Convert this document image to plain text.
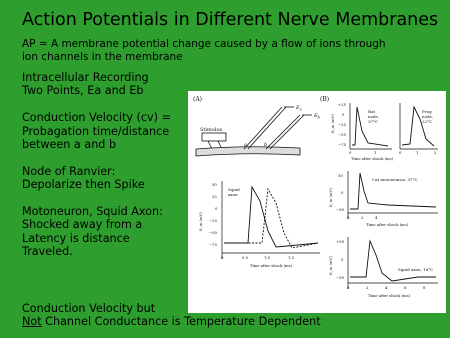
Action Potentials in Different Nerve Membranes
AP = A membrane potential change caused by a flow of ions through
ion channels in the membrane
Intracellular Recording
Two Points, Ea and Eb
Conduction Velocity (cv) =
Probagation time/distance
between a and b
Node of Ranvier:
Depolarize then Spike
Motoneuron, Squid Axon:
Shocked away from a
Latency is distance
Traveled.
Conduction Velocity but
Not Channel Conductance is Temperature Dependent
(A)
Stimulus
a	b
$E_a$
$E_b$
(B)
+25
0
−25
−50
−75
E_m (mV)
Rat
node,
37°C
Frog
node,
22°C
0	1	0	1	2
Time after shock (ms)
50
25
0
−25
−50
−75
E_m (mV)
Squid
axon
0	0.5	1.0	1.5
Time after shock (ms)
50
0
−50
E_m (mV)
Cat motoneuron, 37°C
0	2	4
Time after shock (ms)
+50
0
−50
E_m (mV)	Squid axon, 16°C
0	2	4	6	8
Time after shock (ms)
